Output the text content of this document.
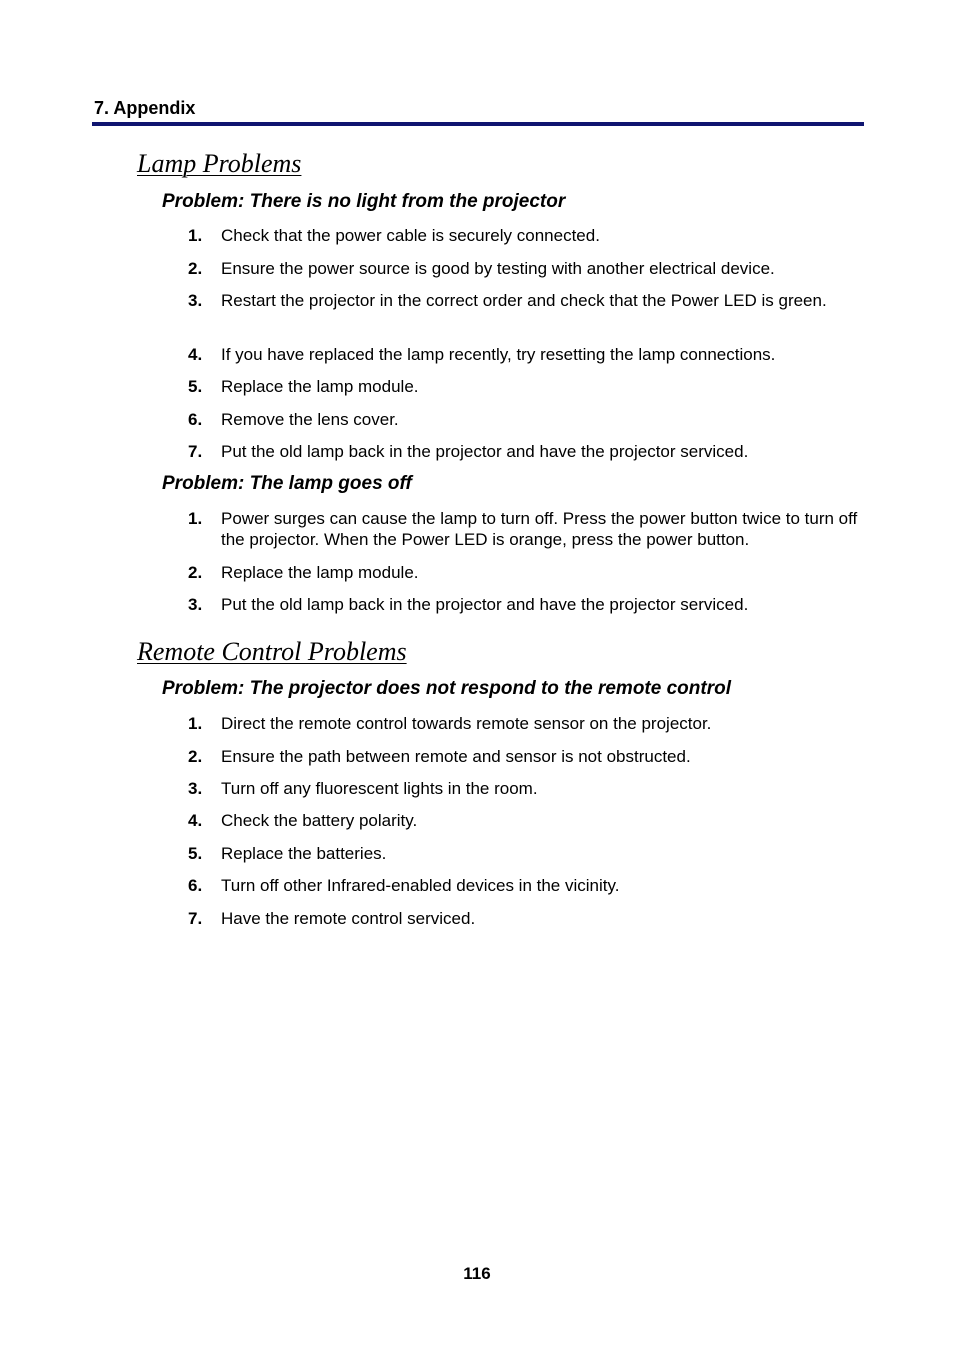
7. Appendix
Lamp Problems
Problem: There is no light from the projector
1. Check that the power cable is securely connected.
2. Ensure the power source is good by testing with another electrical device.
3. Restart the projector in the correct order and check that the Power LED is green.
4. If you have replaced the lamp recently, try resetting the lamp connections.
5. Replace the lamp module.
6. Remove the lens cover.
7. Put the old lamp back in the projector and have the projector serviced.
Problem: The lamp goes off
1. Power surges can cause the lamp to turn off. Press the power button twice to turn off the projector. When the Power LED is orange, press the power button.
2. Replace the lamp module.
3. Put the old lamp back in the projector and have the projector serviced.
Remote Control Problems
Problem: The projector does not respond to the remote control
1. Direct the remote control towards remote sensor on the projector.
2. Ensure the path between remote and sensor is not obstructed.
3. Turn off any fluorescent lights in the room.
4. Check the battery polarity.
5. Replace the batteries.
6. Turn off other Infrared-enabled devices in the vicinity.
7. Have the remote control serviced.
116
